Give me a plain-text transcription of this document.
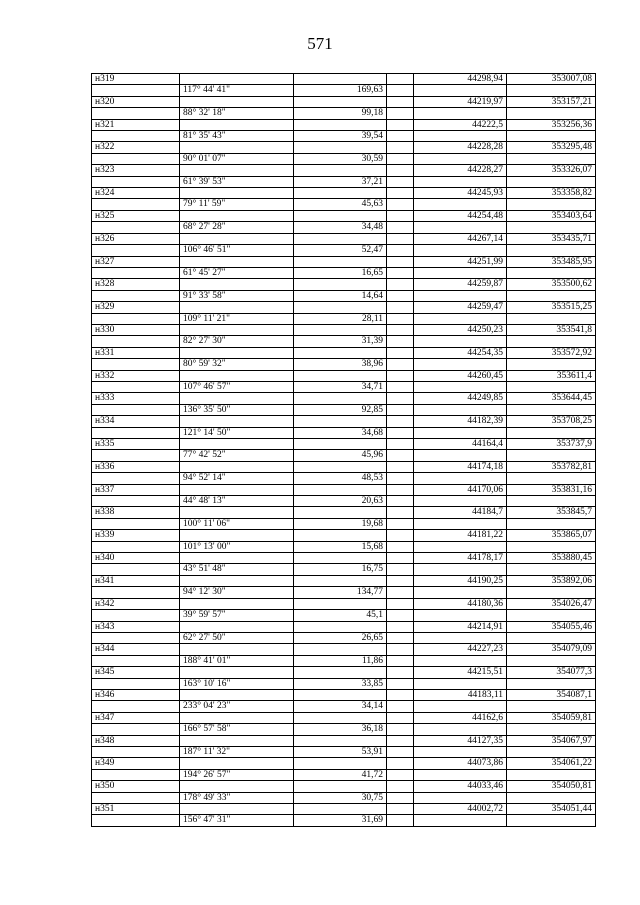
571
н319				44298,94	353007,08
	117° 44' 41"	169,63			
н320				44219,97	353157,21
	88° 32' 18"	99,18			
н321				44222,5	353256,36
	81° 35' 43"	39,54			
н322				44228,28	353295,48
	90° 01' 07"	30,59			
н323				44228,27	353326,07
	61° 39' 53"	37,21			
н324				44245,93	353358,82
	79° 11' 59"	45,63			
н325				44254,48	353403,64
	68° 27' 28"	34,48			
н326				44267,14	353435,71
	106° 46' 51"	52,47			
н327				44251,99	353485,95
	61° 45' 27"	16,65			
н328				44259,87	353500,62
	91° 33' 58"	14,64			
н329				44259,47	353515,25
	109° 11' 21"	28,11			
н330				44250,23	353541,8
	82° 27' 30"	31,39			
н331				44254,35	353572,92
	80° 59' 32"	38,96			
н332				44260,45	353611,4
	107° 46' 57"	34,71			
н333				44249,85	353644,45
	136° 35' 50"	92,85			
н334				44182,39	353708,25
	121° 14' 50"	34,68			
н335				44164,4	353737,9
	77° 42' 52"	45,96			
н336				44174,18	353782,81
	94° 52' 14"	48,53			
н337				44170,06	353831,16
	44° 48' 13"	20,63			
н338				44184,7	353845,7
	100° 11' 06"	19,68			
н339				44181,22	353865,07
	101° 13' 00"	15,68			
н340				44178,17	353880,45
	43° 51' 48"	16,75			
н341				44190,25	353892,06
	94° 12' 30"	134,77			
н342				44180,36	354026,47
	39° 59' 57"	45,1			
н343				44214,91	354055,46
	62° 27' 50"	26,65			
н344				44227,23	354079,09
	188° 41' 01"	11,86			
н345				44215,51	354077,3
	163° 10' 16"	33,85			
н346				44183,11	354087,1
	233° 04' 23"	34,14			
н347				44162,6	354059,81
	166° 57' 58"	36,18			
н348				44127,35	354067,97
	187° 11' 32"	53,91			
н349				44073,86	354061,22
	194° 26' 57"	41,72			
н350				44033,46	354050,81
	178° 49' 33"	30,75			
н351				44002,72	354051,44
	156° 47' 31"	31,69			
